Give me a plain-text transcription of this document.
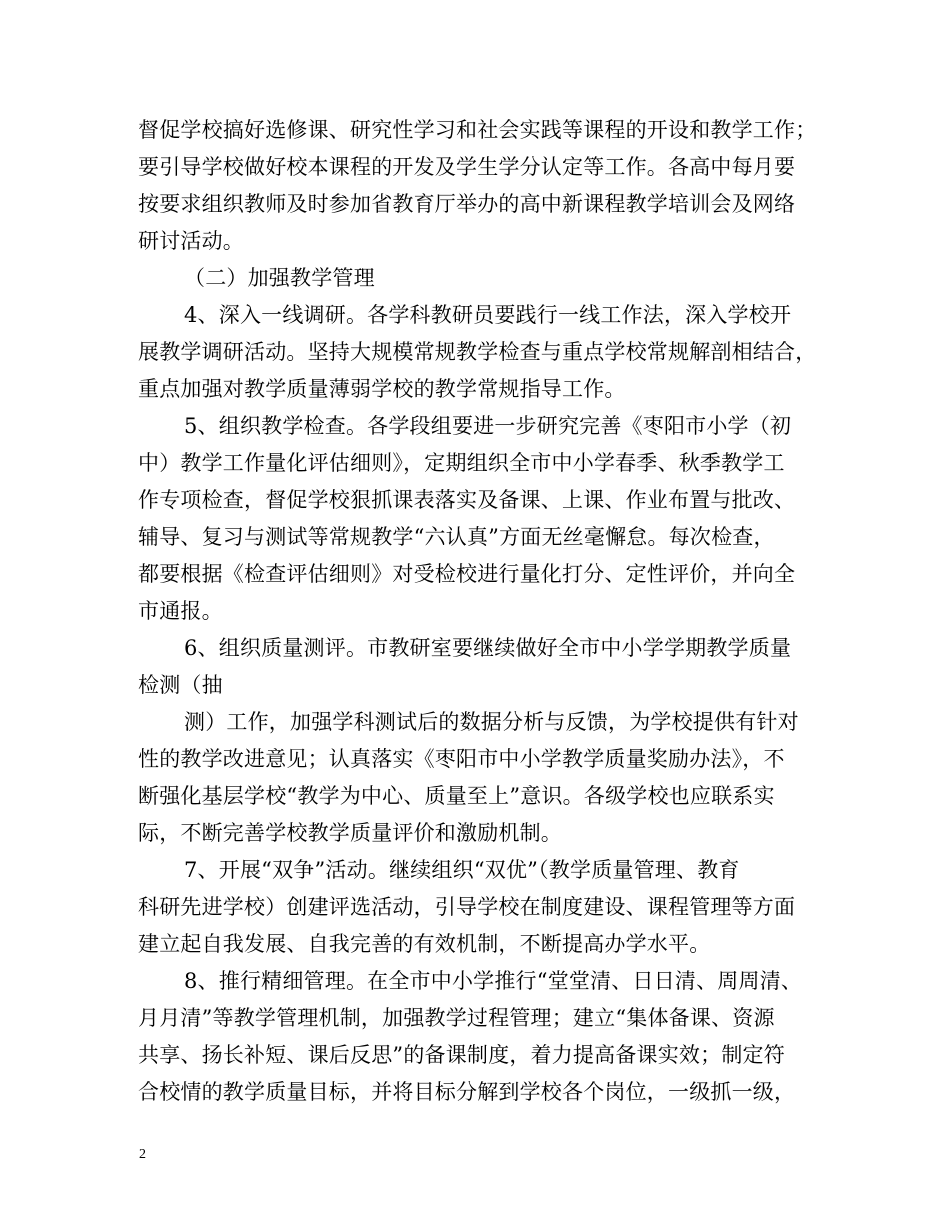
督促学校搞好选修课、研究性学习和社会实践等课程的开设和教学工作；
要引导学校做好校本课程的开发及学生学分认定等工作。各高中每月要
按要求组织教师及时参加省教育厅举办的高中新课程教学培训会及网络
研讨活动。
（二）加强教学管理
4、深入一线调研。各学科教研员要践行一线工作法，深入学校开
展教学调研活动。坚持大规模常规教学检查与重点学校常规解剖相结合，
重点加强对教学质量薄弱学校的教学常规指导工作。
5、组织教学检查。各学段组要进一步研究完善《枣阳市小学（初
中）教学工作量化评估细则》，定期组织全市中小学春季、秋季教学工
作专项检查，督促学校狠抓课表落实及备课、上课、作业布置与批改、
辅导、复习与测试等常规教学“六认真”方面无丝毫懈怠。每次检查，
都要根据《检查评估细则》对受检校进行量化打分、定性评价，并向全
市通报。
6、组织质量测评。市教研室要继续做好全市中小学学期教学质量
检测（抽
测）工作，加强学科测试后的数据分析与反馈，为学校提供有针对
性的教学改进意见；认真落实《枣阳市中小学教学质量奖励办法》，不
断强化基层学校“教学为中心、质量至上”意识。各级学校也应联系实
际，不断完善学校教学质量评价和激励机制。
7、开展“双争”活动。继续组织“双优”（教学质量管理、教育
科研先进学校）创建评选活动，引导学校在制度建设、课程管理等方面
建立起自我发展、自我完善的有效机制，不断提高办学水平。
8、推行精细管理。在全市中小学推行“堂堂清、日日清、周周清、
月月清”等教学管理机制，加强教学过程管理；建立“集体备课、资源
共享、扬长补短、课后反思”的备课制度，着力提高备课实效；制定符
合校情的教学质量目标，并将目标分解到学校各个岗位，一级抓一级，
2
